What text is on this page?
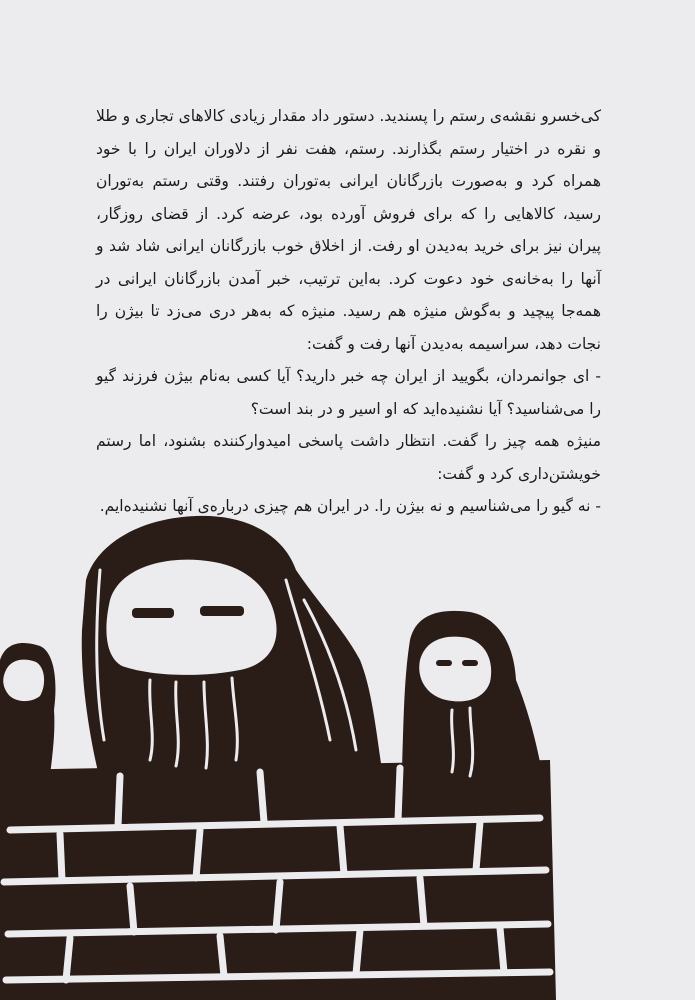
کی‌خسرو نقشه‌ی رستم را پسندید. دستور داد مقدار زیادی کالاهای تجاری و طلا و نقره در اختیار رستم بگذارند. رستم، هفت نفر از دلاوران ایران را با خود همراه کرد و به‌صورت بازرگانان ایرانی به‌توران رفتند. وقتی رستم به‌توران رسید، کالاهایی را که برای فروش آورده بود، عرضه کرد. از قضای روزگار، پیران نیز برای خرید به‌دیدن او رفت. از اخلاق خوب بازرگانان ایرانی شاد شد و آنها را به‌خانه‌ی خود دعوت کرد. به‌این ترتیب، خبر آمدن بازرگانان ایرانی در همه‌جا پیچید و به‌گوش منیژه هم رسید. منیژه که به‌هر دری می‌زد تا بیژن را نجات دهد، سراسیمه به‌دیدن آنها رفت و گفت:

- ای جوانمردان، بگویید از ایران چه خبر دارید؟ آیا کسی به‌نام بیژن فرزند گیو را می‌شناسید؟ آیا نشنیده‌اید که او اسیر و در بند است؟

منیژه همه چیز را گفت. انتظار داشت پاسخی امیدوارکننده بشنود، اما رستم خویشتن‌داری کرد و گفت:

- نه گیو را می‌شناسیم و نه بیژن را. در ایران هم چیزی درباره‌ی آنها نشنیده‌ایم.
